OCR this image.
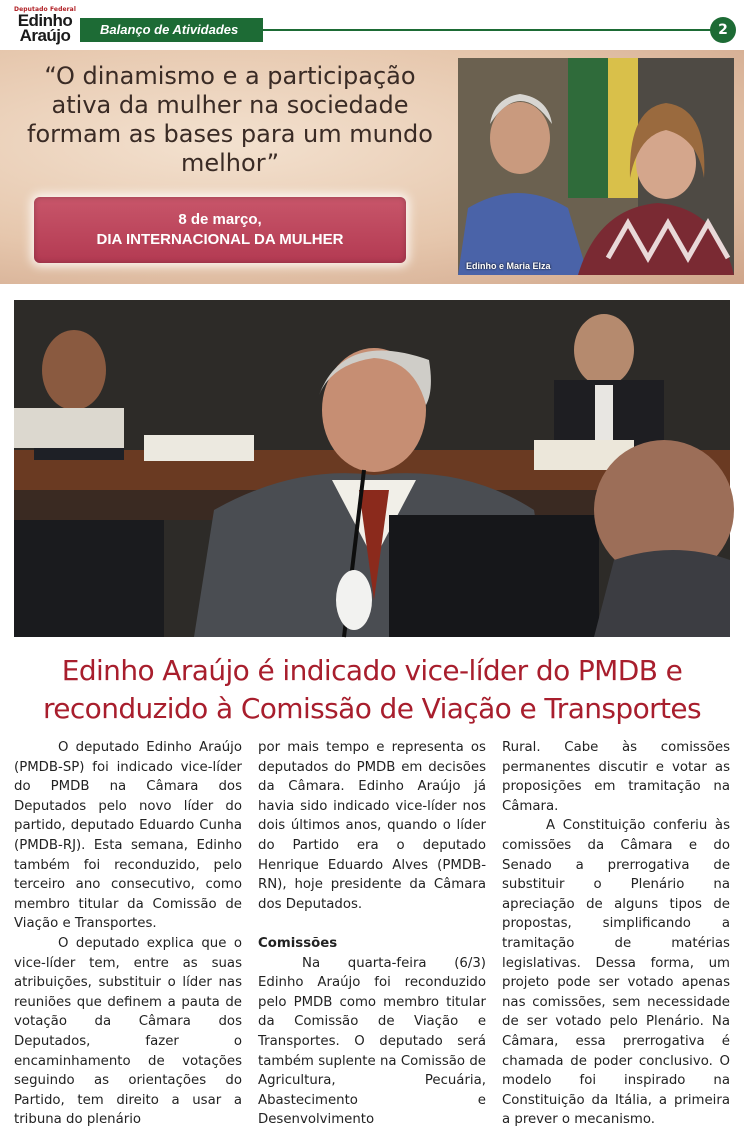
Deputado Federal
Edinho
Araújo	Balanço de Atividades	2
“O dinamismo e a participação ativa da mulher na sociedade formam as bases para um mundo melhor”
8 de março,
DIA INTERNACIONAL DA MULHER
Edinho e Maria Elza
Edinho Araújo é indicado vice-líder do PMDB e reconduzido à Comissão de Viação e Transportes

O deputado Edinho Araújo (PMDB-SP) foi indicado vice-líder do PMDB na Câmara dos Deputados pelo novo líder do partido, deputado Eduardo Cunha (PMDB-RJ). Esta semana, Edinho também foi reconduzido, pelo terceiro ano consecutivo, como membro titular da Comissão de Viação e Transportes.

O deputado explica que o vice-líder tem, entre as suas atribuições, substituir o líder nas reuniões que definem a pauta de votação da Câmara dos Deputados, fazer o encaminhamento de votações seguindo as orientações do Partido, tem direito a usar a tribuna do plenário

por mais tempo e representa os deputados do PMDB em decisões da Câmara. Edinho Araújo já havia sido indicado vice-líder nos dois últimos anos, quando o líder do Partido era o deputado Henrique Eduardo Alves (PMDB-RN), hoje presidente da Câmara dos Deputados.

Comissões

Na quarta-feira (6/3) Edinho Araújo foi reconduzido pelo PMDB como membro titular da Comissão de Viação e Transportes. O deputado será também suplente na Comissão de Agricultura, Pecuária, Abastecimento e Desenvolvimento

Rural. Cabe às comissões permanentes discutir e votar as proposições em tramitação na Câmara.

A Constituição conferiu às comissões da Câmara e do Senado a prerrogativa de substituir o Plenário na apreciação de alguns tipos de propostas, simplificando a tramitação de matérias legislativas. Dessa forma, um projeto pode ser votado apenas nas comissões, sem necessidade de ser votado pelo Plenário. Na Câmara, essa prerrogativa é chamada de poder conclusivo. O modelo foi inspirado na Constituição da Itália, a primeira a prever o mecanismo.
